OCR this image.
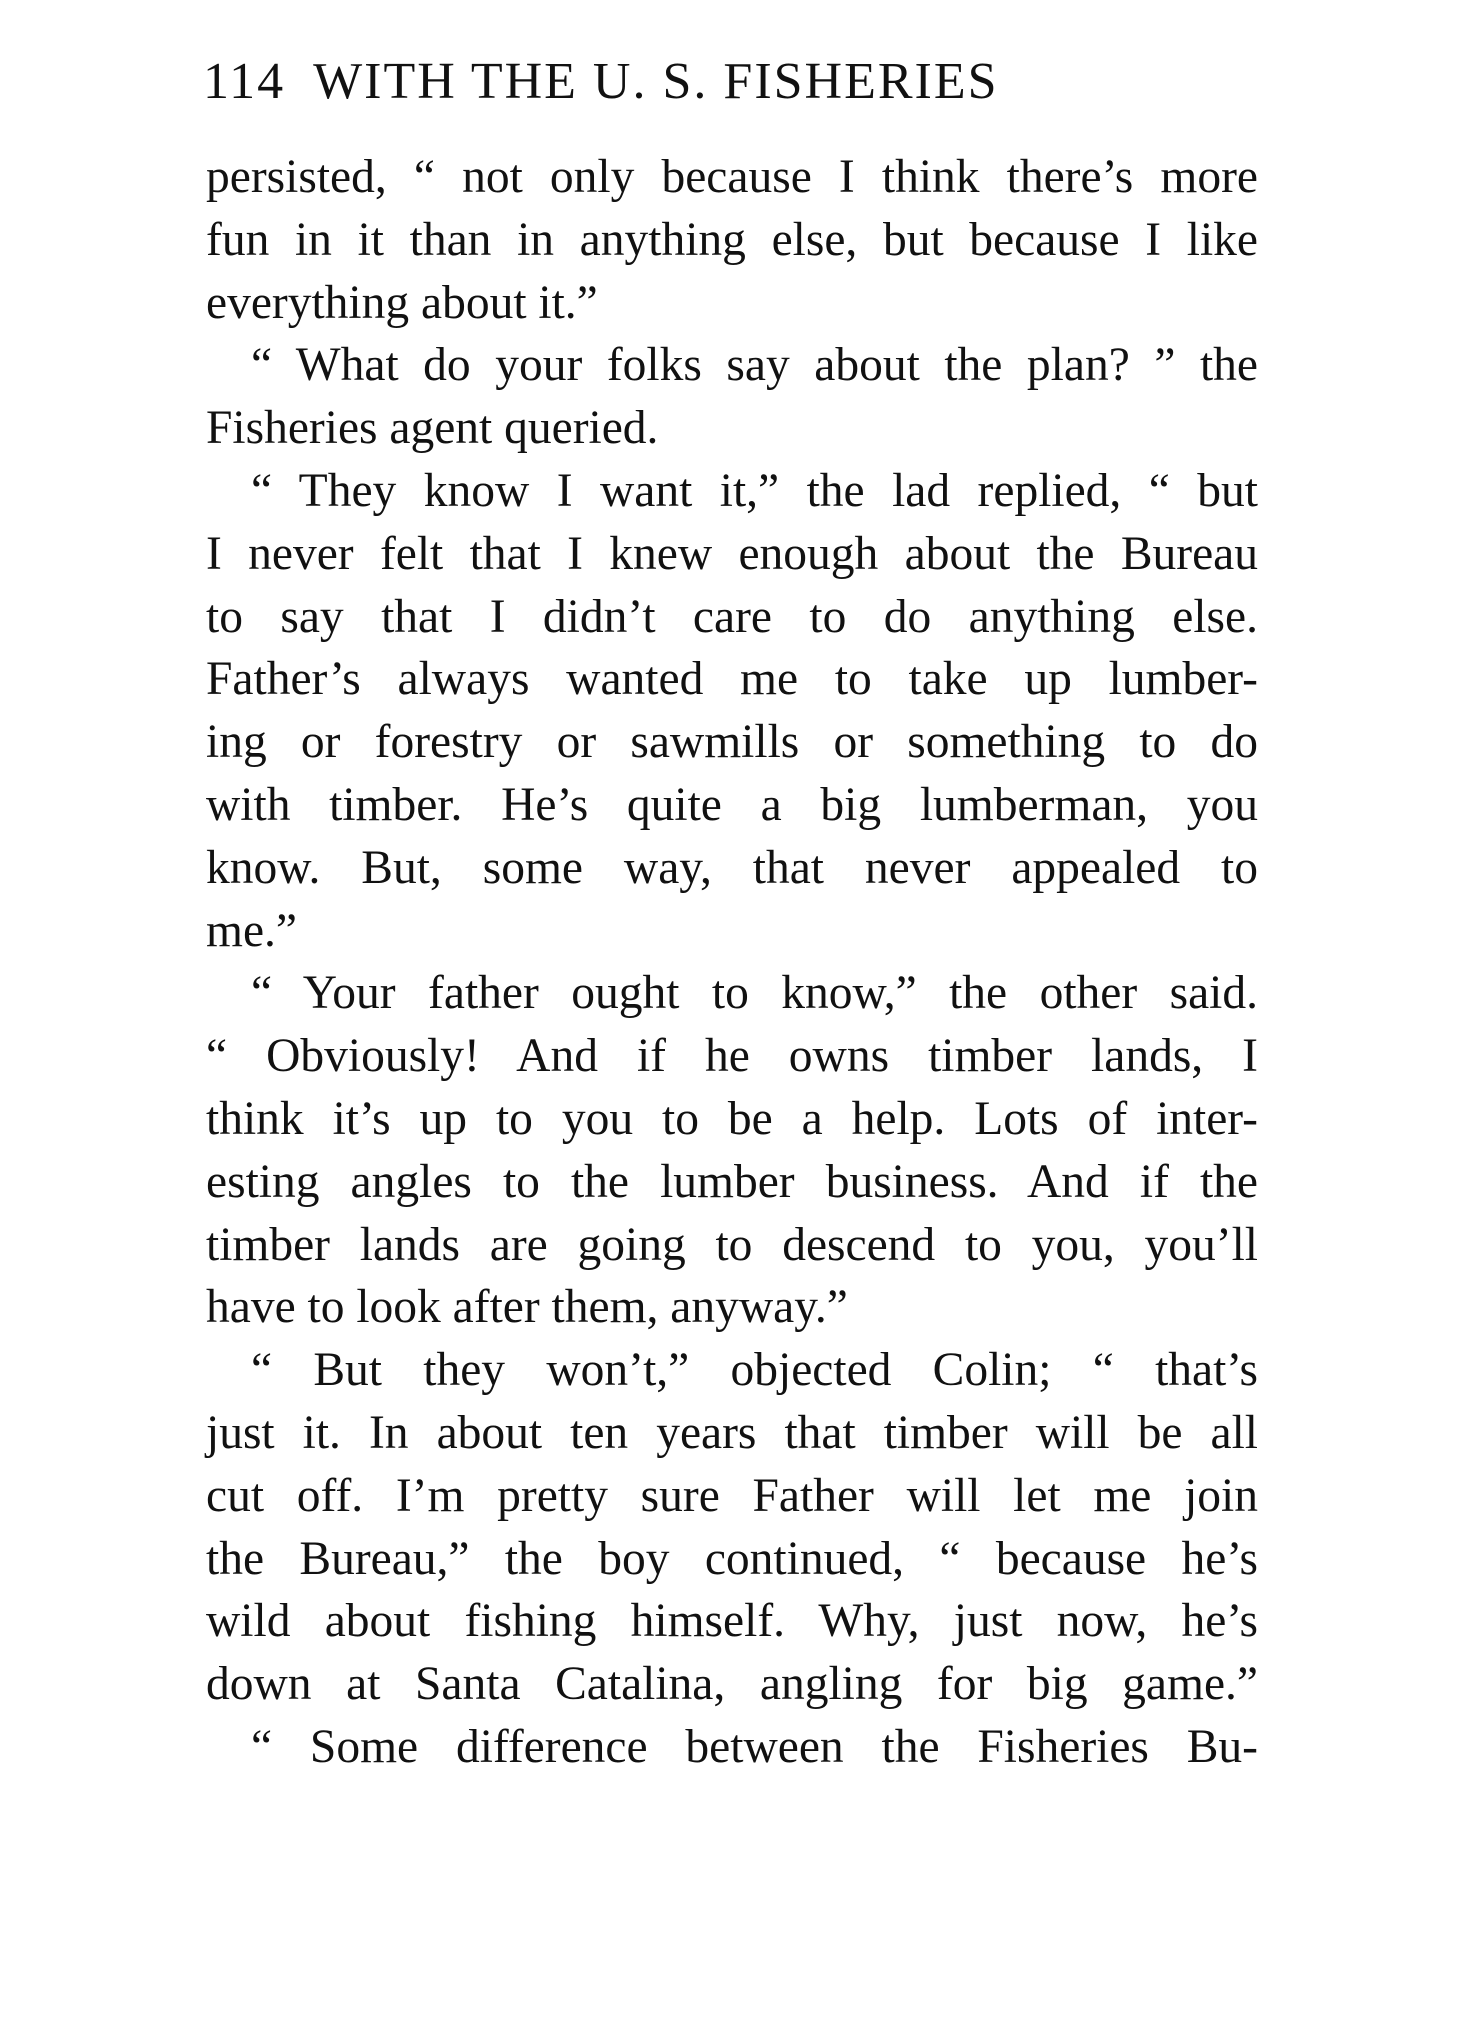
114 WITH THE U. S. FISHERIES
persisted, “ not only because I think there’s more
fun in it than in anything else, but because I like
everything about it.”
“ What do your folks say about the plan? ” the
Fisheries agent queried.
“ They know I want it,” the lad replied, “ but
I never felt that I knew enough about the Bureau
to say that I didn’t care to do anything else.
Father’s always wanted me to take up lumber-
ing or forestry or sawmills or something to do
with timber. He’s quite a big lumberman, you
know. But, some way, that never appealed to
me.”
“ Your father ought to know,” the other said.
“ Obviously! And if he owns timber lands, I
think it’s up to you to be a help. Lots of inter-
esting angles to the lumber business. And if the
timber lands are going to descend to you, you’ll
have to look after them, anyway.”
“ But they won’t,” objected Colin; “ that’s
just it. In about ten years that timber will be all
cut off. I’m pretty sure Father will let me join
the Bureau,” the boy continued, “ because he’s
wild about fishing himself. Why, just now, he’s
down at Santa Catalina, angling for big game.”
“ Some difference between the Fisheries Bu-
